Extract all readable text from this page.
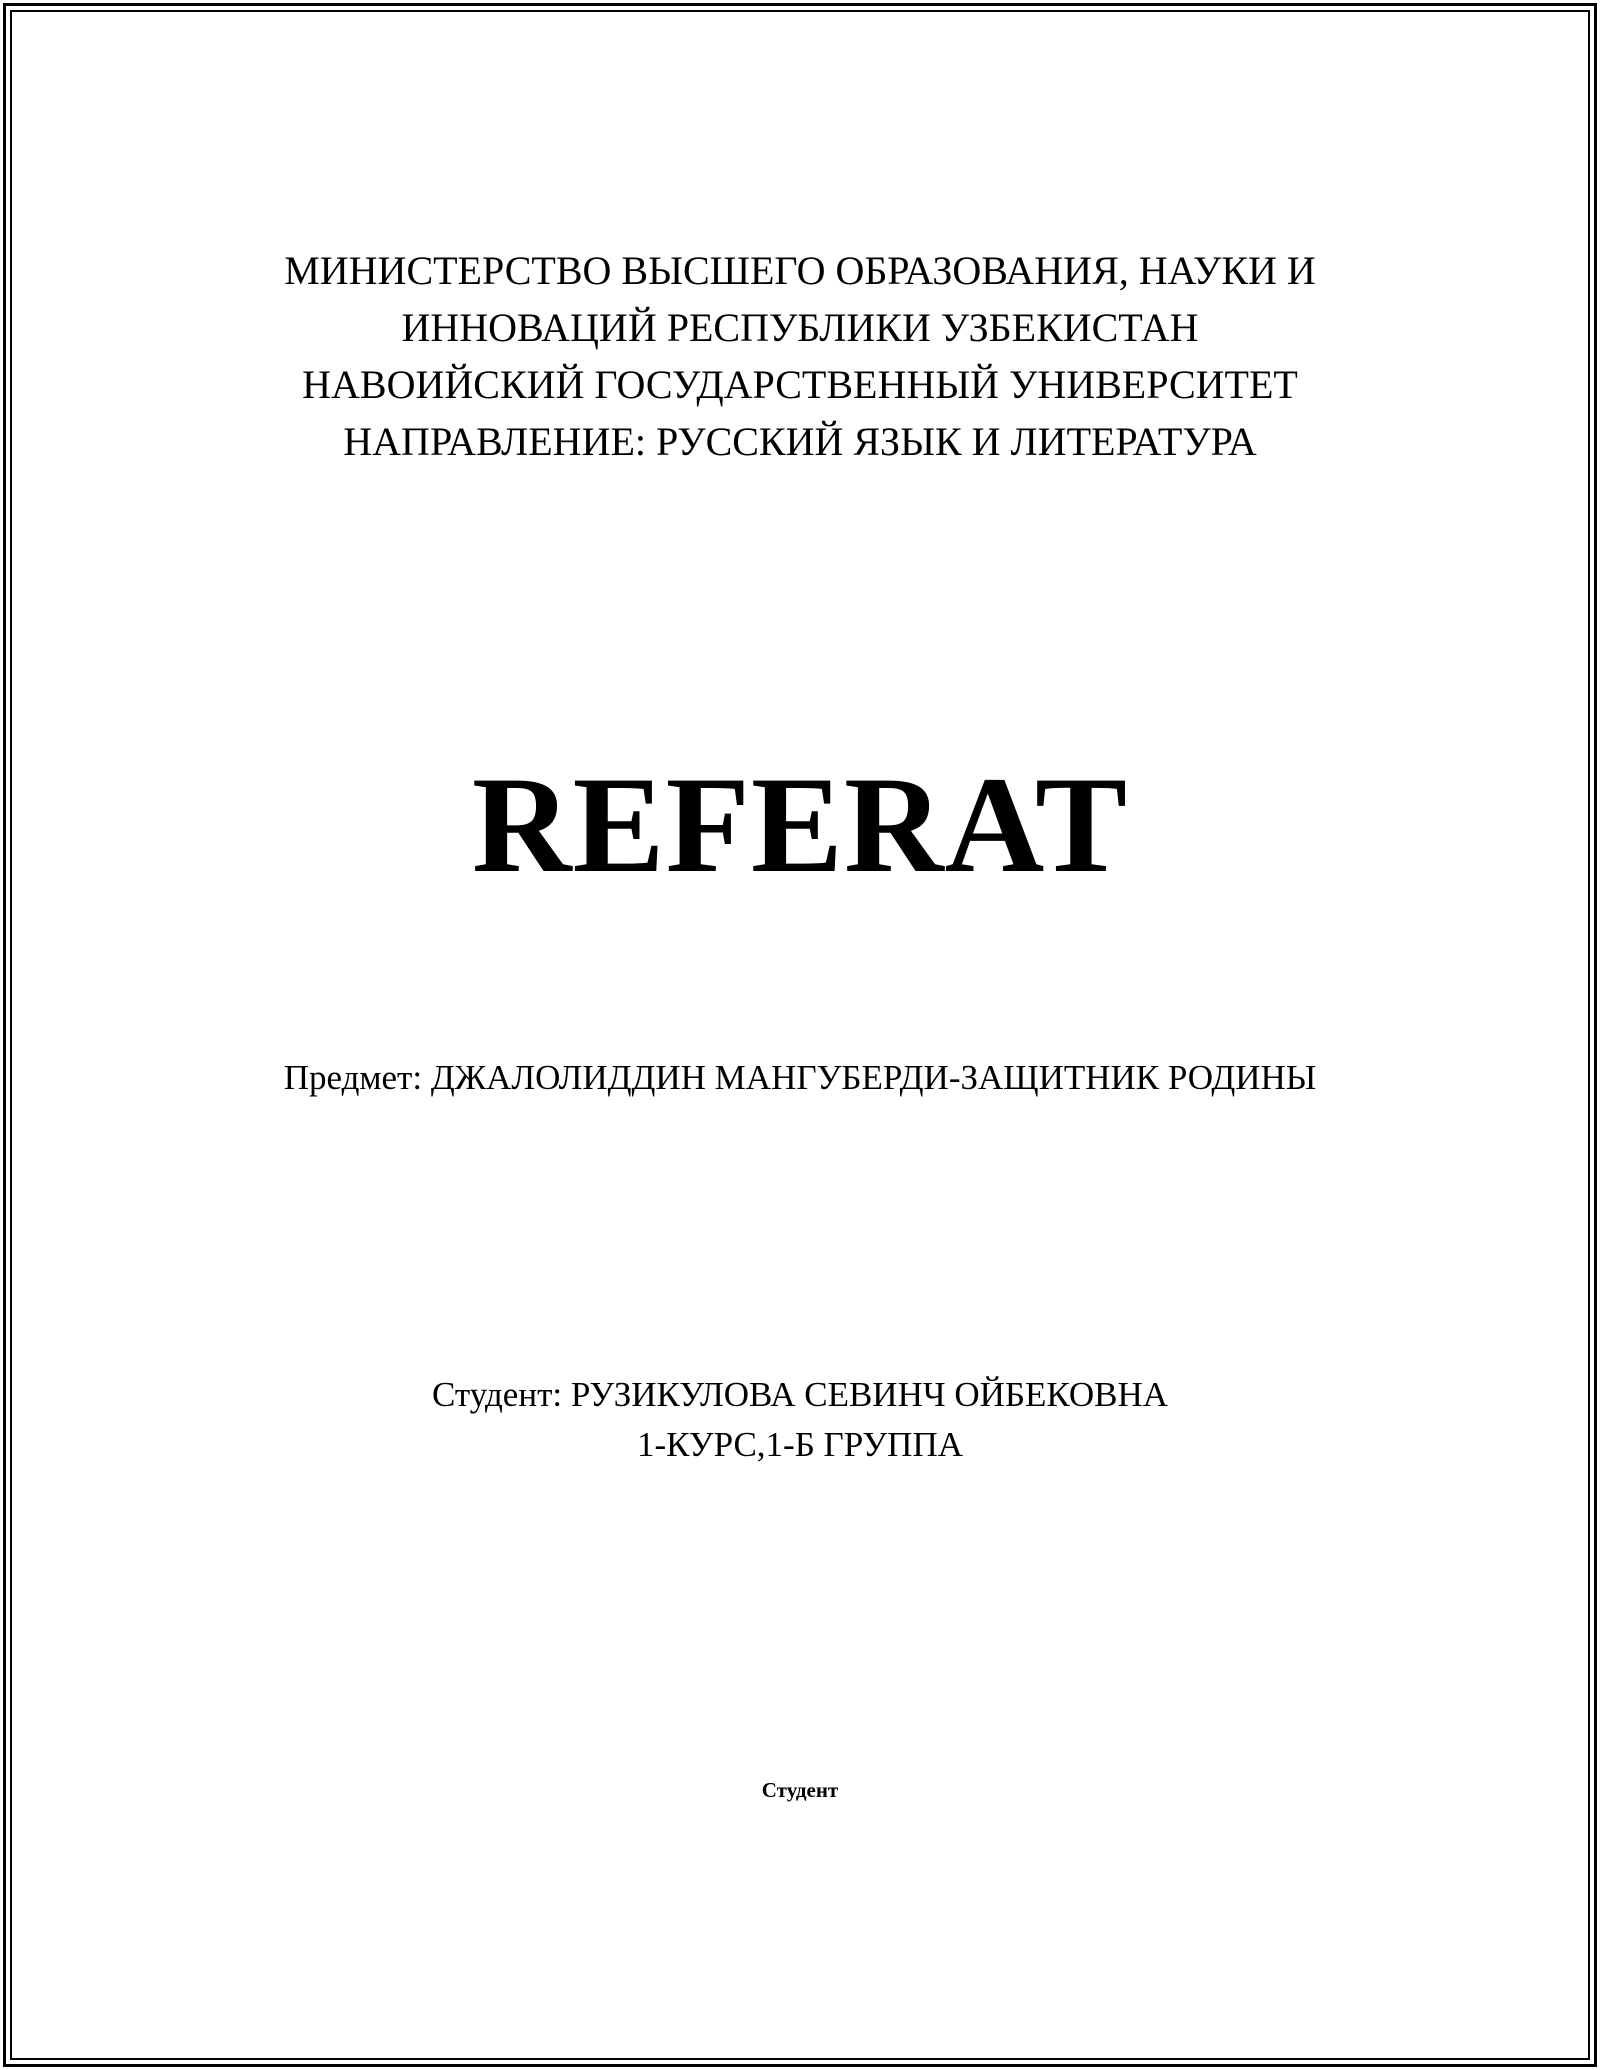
МИНИСТЕРСТВО ВЫСШЕГО ОБРАЗОВАНИЯ, НАУКИ И
ИННОВАЦИЙ РЕСПУБЛИКИ УЗБЕКИСТАН
НАВОИЙСКИЙ ГОСУДАРСТВЕННЫЙ УНИВЕРСИТЕТ
НАПРАВЛЕНИЕ: РУССКИЙ ЯЗЫК И ЛИТЕРАТУРА
REFERAT
Предмет: ДЖАЛОЛИДДИН МАНГУБЕРДИ-ЗАЩИТНИК РОДИНЫ
Студент: РУЗИКУЛОВА СЕВИНЧ ОЙБЕКОВНА
1-КУРС,1-Б ГРУППА
Студент
